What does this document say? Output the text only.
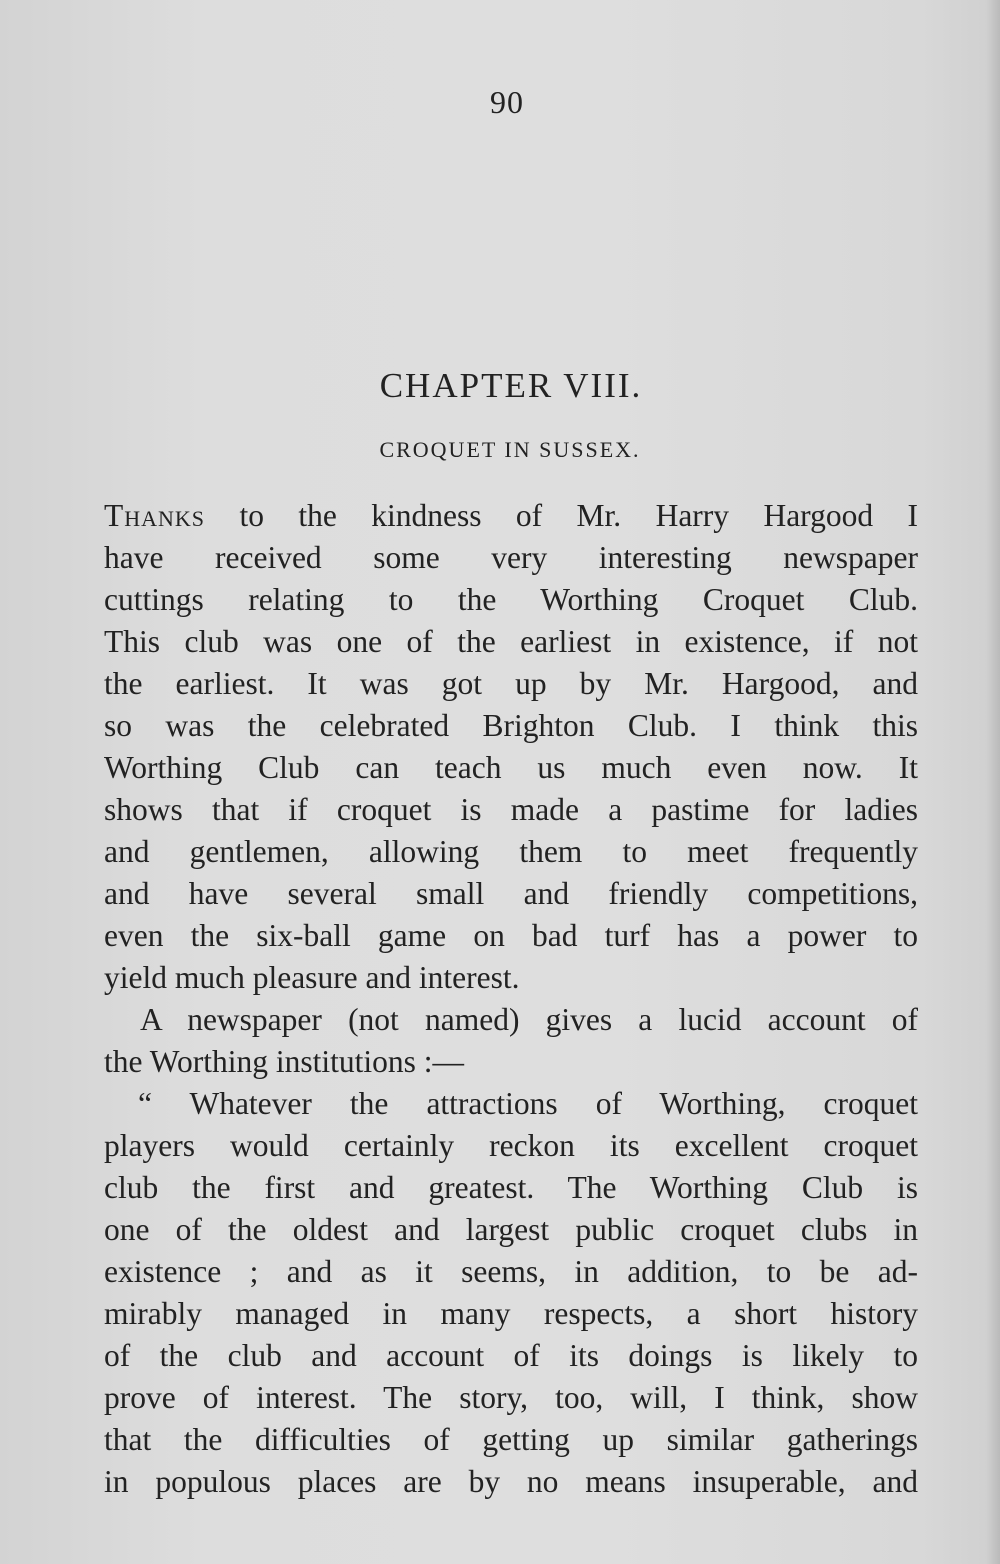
90
CHAPTER VIII.
CROQUET IN SUSSEX.
Thanks to the kindness of Mr. Harry Hargood I
have received some very interesting newspaper
cuttings relating to the Worthing Croquet Club.
This club was one of the earliest in existence, if not
the earliest. It was got up by Mr. Hargood, and
so was the celebrated Brighton Club. I think this
Worthing Club can teach us much even now. It
shows that if croquet is made a pastime for ladies
and gentlemen, allowing them to meet frequently
and have several small and friendly competitions,
even the six-ball game on bad turf has a power to
yield much pleasure and interest.
A newspaper (not named) gives a lucid account of
the Worthing institutions :—
“ Whatever the attractions of Worthing, croquet
players would certainly reckon its excellent croquet
club the first and greatest. The Worthing Club is
one of the oldest and largest public croquet clubs in
existence ; and as it seems, in addition, to be ad-
mirably managed in many respects, a short history
of the club and account of its doings is likely to
prove of interest. The story, too, will, I think, show
that the difficulties of getting up similar gatherings
in populous places are by no means insuperable, and
